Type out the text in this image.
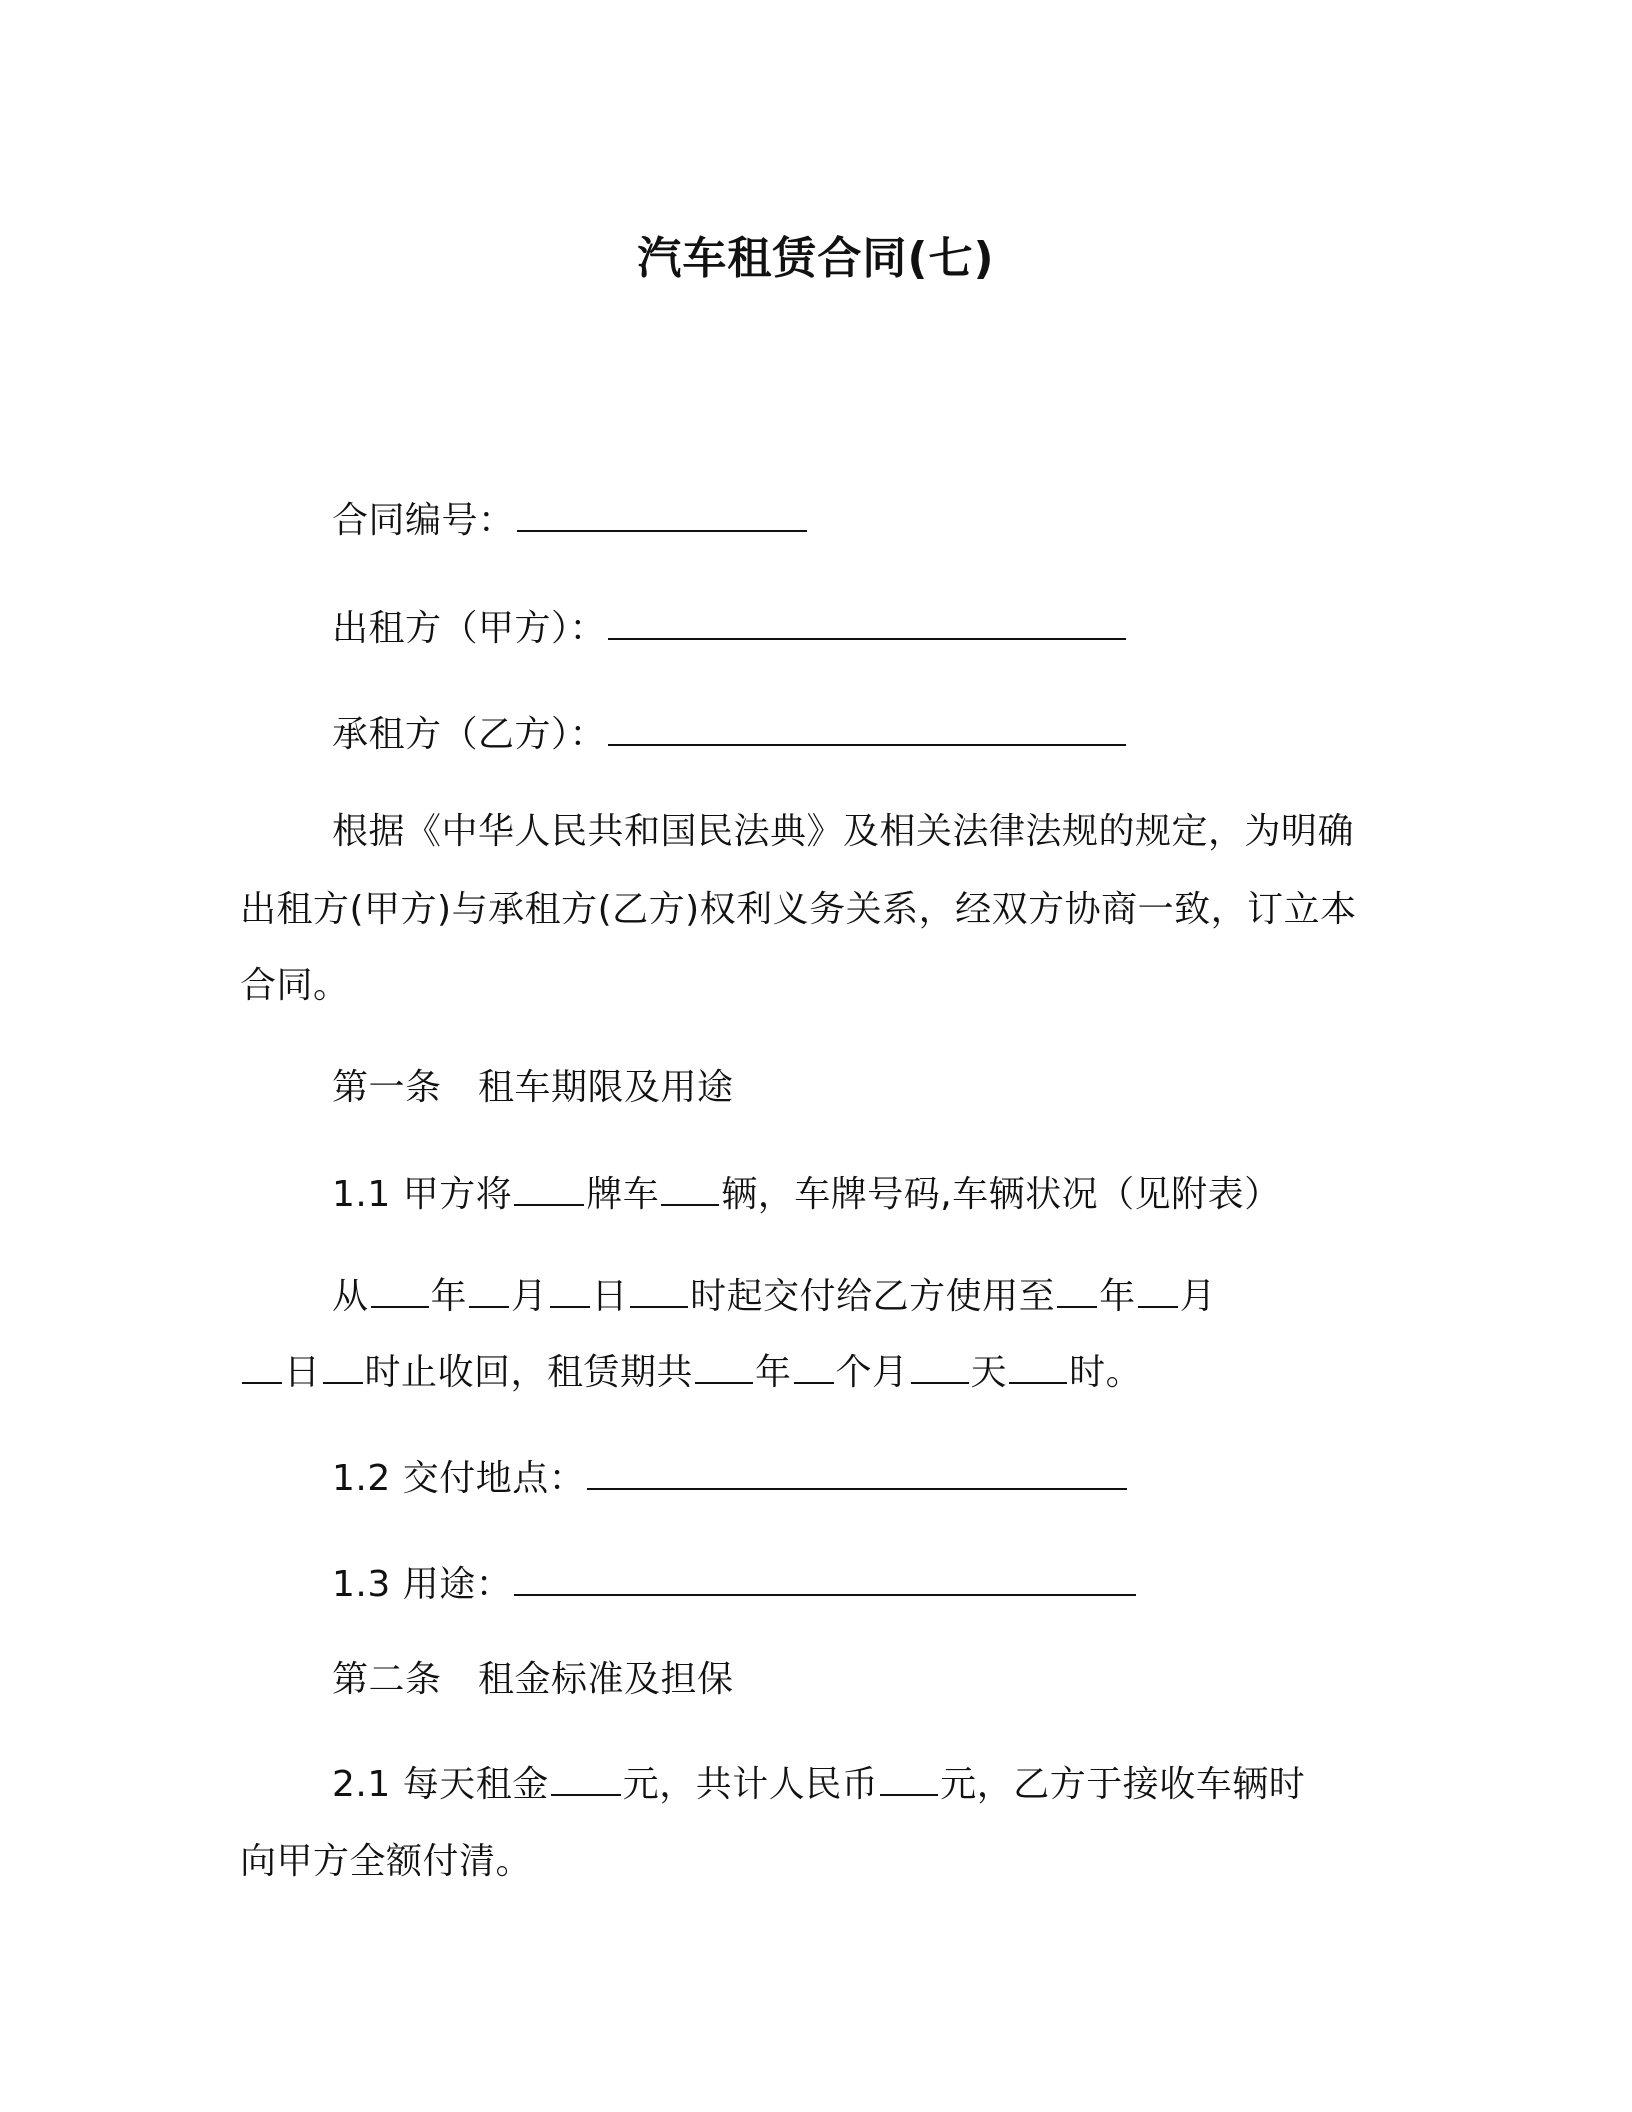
汽车租赁合同(七)
合同编号：
出租方（甲方）：
承租方（乙方）：
根据《中华人民共和国民法典》及相关法律法规的规定，为明确
出租方(甲方)与承租方(乙方)权利义务关系，经双方协商一致，订立本
合同。
第一条　租车期限及用途
1.1 甲方将 牌车 辆，车牌号码,车辆状况（见附表）
从 年 月 日 时起交付给乙方使用至 年 月
日 时止收回，租赁期共 年 个月 天 时。
1.2 交付地点：
1.3 用途：
第二条　租金标准及担保
2.1 每天租金 元，共计人民币 元，乙方于接收车辆时
向甲方全额付清。
